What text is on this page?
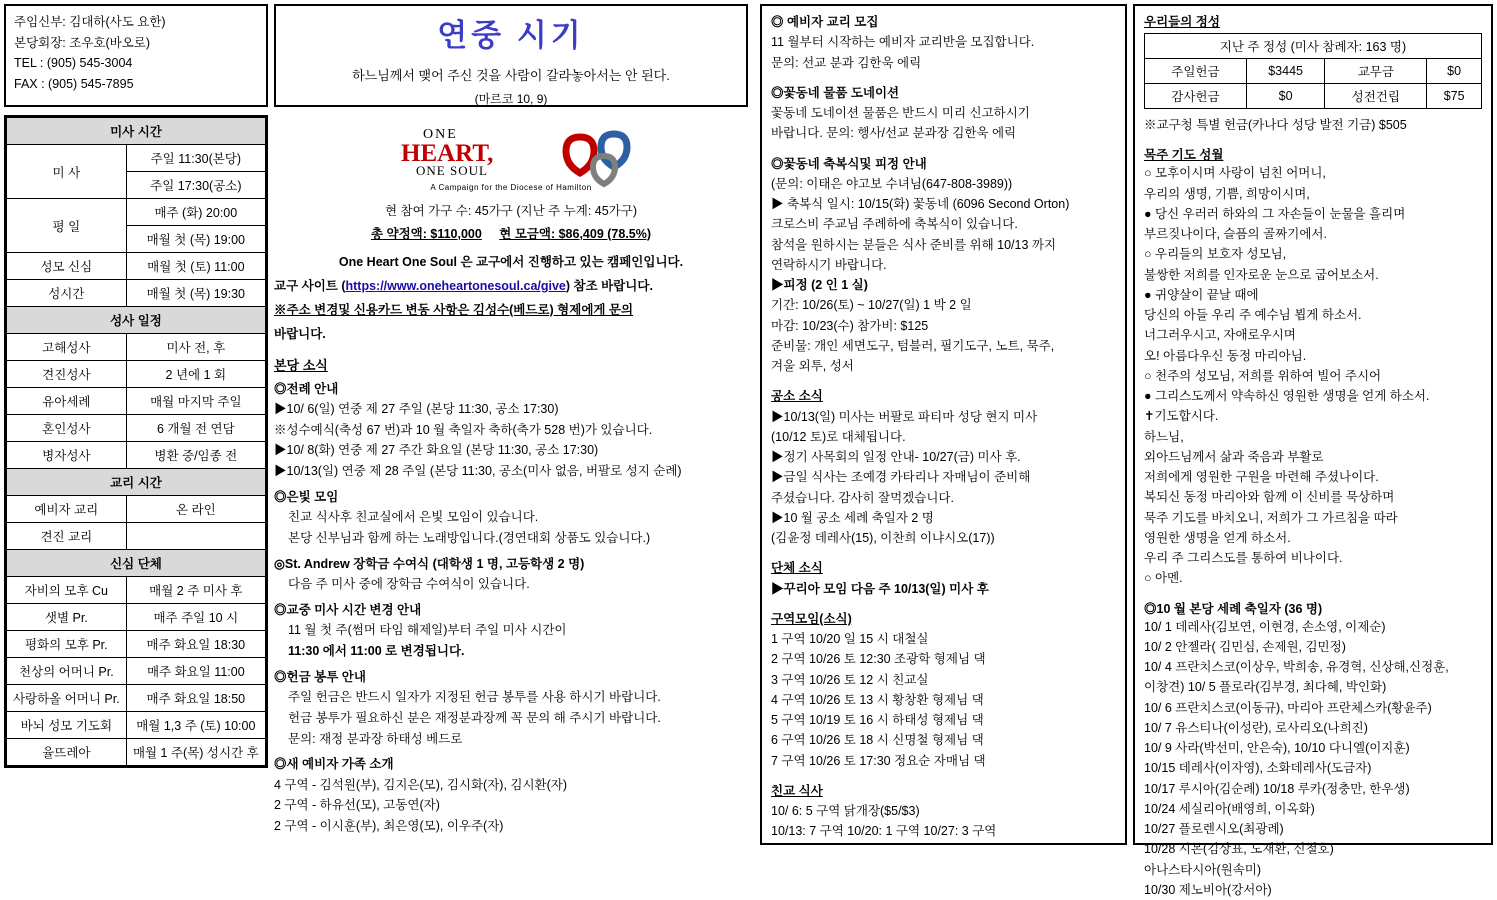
주임신부: 김대하(사도 요한)
본당회장: 조우호(바오로)
TEL : (905) 545-3004
FAX : (905) 545-7895
연중 시기
하느님께서 맺어 주신 것을 사람이 갈라놓아서는 안 된다.
(마르코 10, 9)
미사 시간	
미 사	주일 11:30(본당)
	주일 17:30(공소)
평 일	매주 (화) 20:00
	매월 첫 (목) 19:00
성모 신심	매월 첫 (토) 11:00
성시간	매월 첫 (목) 19:30
성사 일정	
고해성사	미사 전, 후
견진성사	2 년에 1 회
유아세례	매월 마지막 주일
혼인성사	6 개월 전 연담
병자성사	병환 중/임종 전
교리 시간	
예비자 교리	온 라인
견진 교리	
신심 단체	
자비의 모후 Cu	매월 2 주 미사 후
샛별 Pr.	매주 주일 10 시
평화의 모후 Pr.	매주 화요일 18:30
천상의 어머니 Pr.	매주 화요일 11:00
사랑하올 어머니 Pr.	매주 화요일 18:50
바뇌 성모 기도회	매월 1,3 주 (토) 10:00
율뜨레아	매월 1 주(목) 성시간 후
ONE
HEART,
ONE SOUL
A Campaign for the Diocese of Hamilton
현 참여 가구 수: 45가구 (지난 주 누계: 45가구)
총 약정액: $110,000 현 모금액: $86,409 (78.5%)
One Heart One Soul 은 교구에서 진행하고 있는 캠페인입니다.
교구 사이트 (https://www.oneheartonesoul.ca/give) 참조 바랍니다.
※주소 변경및 신용카드 변동 사항은 김성수(베드로) 형제에게 문의
바랍니다.
본당 소식
◎전례 안내
▶10/ 6(일) 연중 제 27 주일 (본당 11:30, 공소 17:30)
※성수예식(축성 67 번)과 10 월 축일자 축하(축가 528 번)가 있습니다.
▶10/ 8(화) 연중 제 27 주간 화요일 (본당 11:30, 공소 17:30)
▶10/13(일) 연중 제 28 주일 (본당 11:30, 공소(미사 없음, 버팔로 성지 순례)
◎은빛 모임
친교 식사후 친교실에서 은빛 모임이 있습니다.
본당 신부님과 함께 하는 노래방입니다.(경연대회 상품도 있습니다.)
◎St. Andrew 장학금 수여식 (대학생 1 명, 고등학생 2 명)
다음 주 미사 중에 장학금 수여식이 있습니다.
◎교중 미사 시간 변경 안내
11 월 첫 주(썸머 타임 해제일)부터 주일 미사 시간이
11:30 에서 11:00 로 변경됩니다.
◎헌금 봉투 안내
주일 헌금은 반드시 일자가 지정된 헌금 봉투를 사용 하시기 바랍니다.
헌금 봉투가 필요하신 분은 재정분과장께 꼭 문의 해 주시기 바랍니다.
문의: 재정 분과장 하태성 베드로
◎새 예비자 가족 소개
4 구역 - 김석원(부), 김지은(모), 김시화(자), 김시환(자)
2 구역 - 하유선(모), 고동연(자)
2 구역 - 이시훈(부), 최은영(모), 이우주(자)
◎ 예비자 교리 모집
11 월부터 시작하는 예비자 교리반을 모집합니다.
문의: 선교 분과 김한욱 에릭
◎꽃동네 물품 도네이션
꽃동네 도네이션 물품은 반드시 미리 신고하시기
바랍니다. 문의: 행사/선교 분과장 김한욱 에릭
◎꽃동네 축복식및 피정 안내
(문의: 이태은 야고보 수녀님(647-808-3989))
▶ 축복식 일시: 10/15(화) 꽃동네 (6096 Second Orton)
크로스비 주교님 주례하에 축복식이 있습니다.
참석을 원하시는 분들은 식사 준비를 위해 10/13 까지
연락하시기 바랍니다.
▶피정 (2 인 1 실)
기간: 10/26(토) ~ 10/27(일) 1 박 2 일
마감: 10/23(수) 참가비: $125
준비물: 개인 세면도구, 텀블러, 필기도구, 노트, 묵주,
겨울 외투, 성서
공소 소식
▶10/13(일) 미사는 버팔로 파티마 성당 현지 미사
(10/12 토)로 대체됩니다.
▶정기 사목회의 일정 안내- 10/27(금) 미사 후.
▶금일 식사는 조예경 카타리나 자매님이 준비해
주셨습니다. 감사히 잘먹겠습니다.
▶10 월 공소 세례 축일자 2 명
(김윤정 데레사(15), 이찬희 이냐시오(17))
단체 소식
▶꾸리아 모임 다음 주 10/13(일) 미사 후
구역모임(소식)
1 구역 10/20 일 15 시 대철실
2 구역 10/26 토 12:30 조광학 형제님 댁
3 구역 10/26 토 12 시 친교실
4 구역 10/26 토 13 시 황창환 형제님 댁
5 구역 10/19 토 16 시 하태성 형제님 댁
6 구역 10/26 토 18 시 신명철 형제님 댁
7 구역 10/26 토 17:30 정요순 자매님 댁
친교 식사
10/ 6: 5 구역 닭개장($5/$3)
10/13: 7 구역 10/20: 1 구역 10/27: 3 구역
우리들의 정성
지난 주 정성 (미사 참례자: 163 명)			
주일헌금	$3445	교무금	$0
감사헌금	$0	성전건립	$75
※교구청 특별 헌금(카나다 성당 발전 기금) $505
목주 기도 성월
○ 모후이시며 사랑이 넘친 어머니,
우리의 생명, 기쁨, 희망이시며,
● 당신 우러러 하와의 그 자손들이 눈물을 흘리며
부르짖나이다, 슬픔의 골짜기에서.
○ 우리들의 보호자 성모님,
불쌍한 저희를 인자로운 눈으로 굽어보소서.
● 귀양살이 끝날 때에
당신의 아들 우리 주 예수님 뵙게 하소서.
너그러우시고, 자애로우시며
오! 아름다우신 동정 마리아님.
○ 천주의 성모님, 저희를 위하여 빌어 주시어
● 그리스도께서 약속하신 영원한 생명을 얻게 하소서.
✝기도합시다.
하느님,
외아드님께서 삶과 죽음과 부활로
저희에게 영원한 구원을 마련해 주셨나이다.
복되신 동정 마리아와 함께 이 신비를 묵상하며
묵주 기도를 바치오니, 저희가 그 가르침을 따라
영원한 생명을 얻게 하소서.
우리 주 그리스도를 통하여 비나이다.
○ 아멘.
◎10 월 본당 세례 축일자 (36 명)
10/ 1 데레사(김보연, 이현경, 손소영, 이제순)
10/ 2 안젤라( 김민심, 손제원, 김민정)
10/ 4 프란치스코(이상우, 박희송, 유경혁, 신상해,신정훈,
이창견) 10/ 5 플로라(김부경, 최다혜, 박인화)
10/ 6 프란치스코(이동규), 마리아 프란체스카(황윤주)
10/ 7 유스티나(이성란), 로사리오(나희진)
10/ 9 사라(박선미, 안은숙), 10/10 다니엘(이지훈)
10/15 데레사(이자영), 소화데레사(도금자)
10/17 루시아(김순례) 10/18 루카(정충만, 한우생)
10/24 세실리아(배영희, 이옥화)
10/27 플로렌시오(최광례)
10/28 시몬(김상표, 도재환, 신철호)
아나스타시아(원속미)
10/30 제노비아(강서아)
